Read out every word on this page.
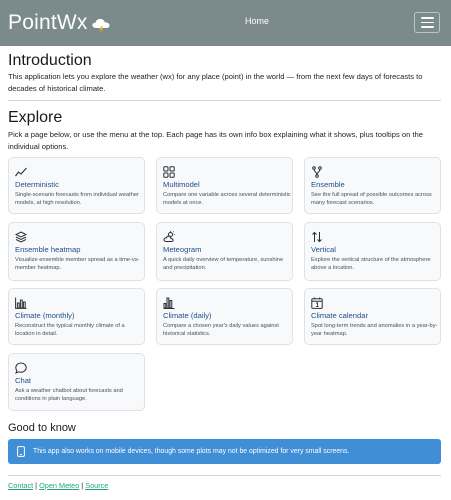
PointWx	Home
Introduction

This application lets you explore the weather (wx) for any place (point) in the world — from the next few days of forecasts to decades of historical climate.

Explore

Pick a page below, or use the menu at the top. Each page has its own info box explaining what it shows, plus tooltips on the individual options.

Deterministic
Single-scenario forecasts from individual weather models, at high resolution.
Multimodel
Compare one variable across several deterministic models at once.
Ensemble
See the full spread of possible outcomes across many forecast scenarios.
Ensemble heatmap
Visualize ensemble member spread as a time-vs-member heatmap.
Meteogram
A quick daily overview of temperature, sunshine and precipitation.
Vertical
Explore the vertical structure of the atmosphere above a location.
Climate (monthly)
Reconstruct the typical monthly climate of a location in detail.
Climate (daily)
Compare a chosen year's daily values against historical statistics.
Climate calendar
Spot long-term trends and anomalies in a year-by-year heatmap.
Chat
Ask a weather chatbot about forecasts and conditions in plain language.
Good to know
This app also works on mobile devices, though some plots may not be optimized for very small screens.
Contact | Open Meteo | Source
